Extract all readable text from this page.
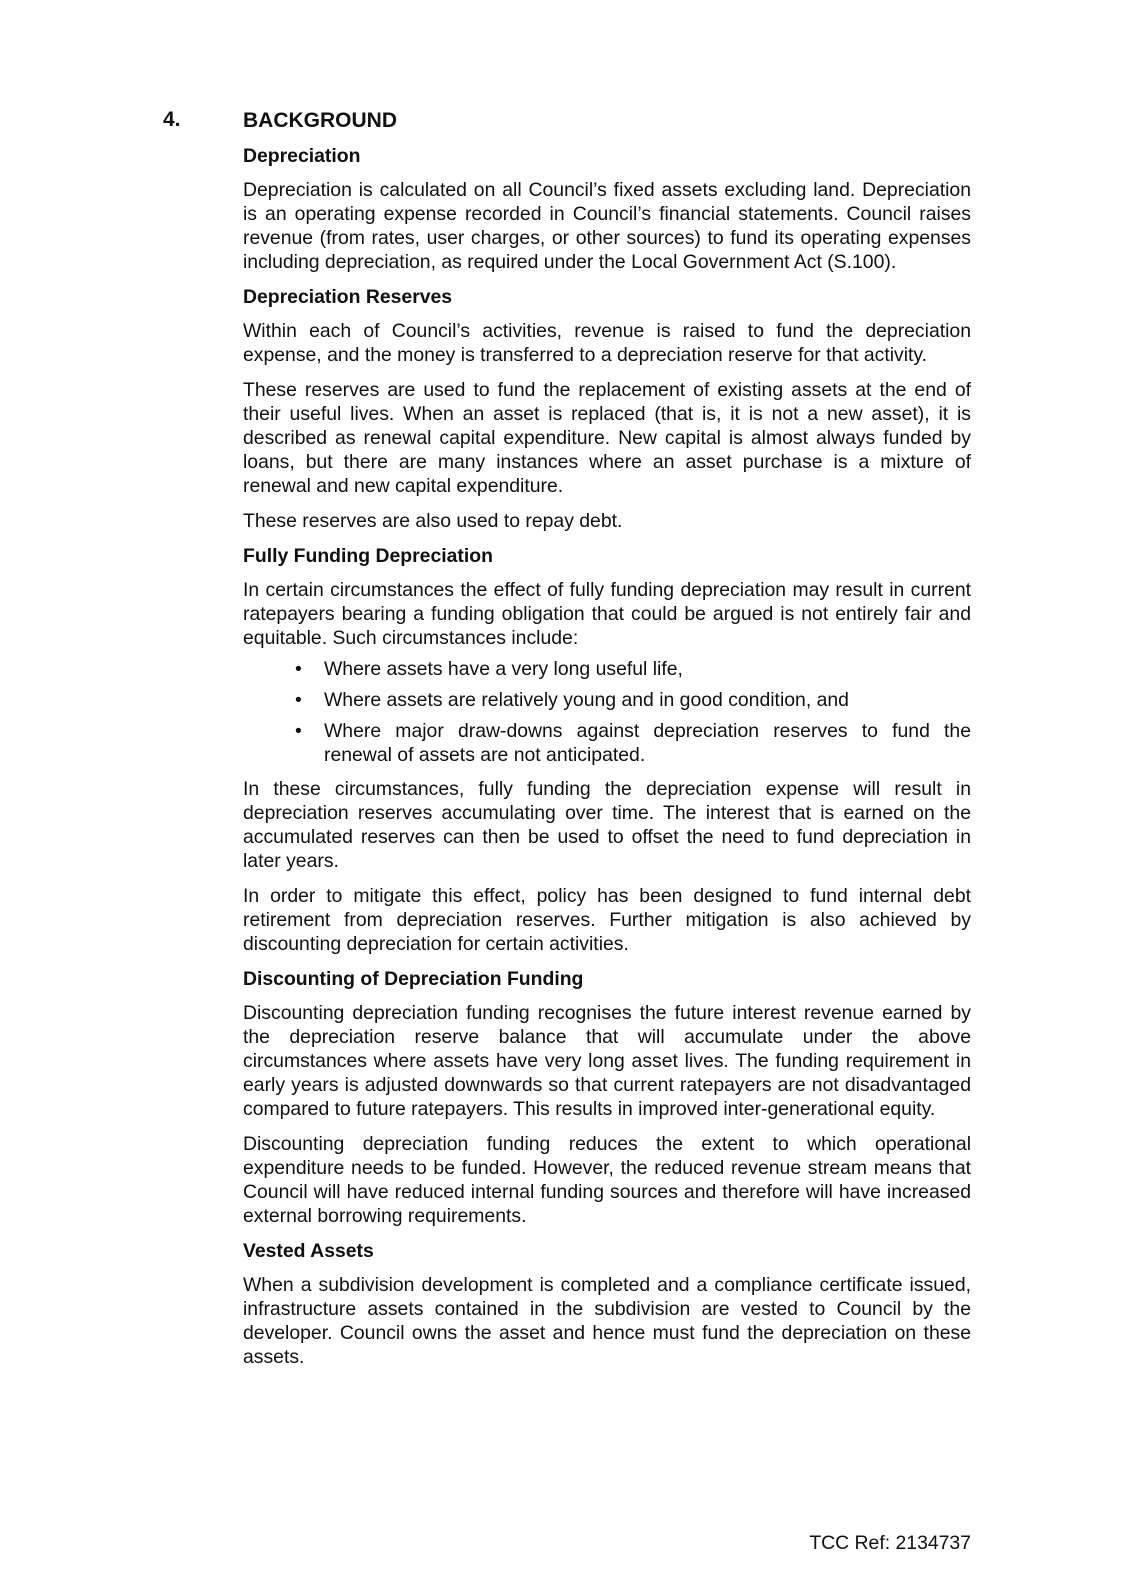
4.	BACKGROUND
Depreciation

Depreciation is calculated on all Council’s fixed assets excluding land. Depreciation is an operating expense recorded in Council’s financial statements. Council raises revenue (from rates, user charges, or other sources) to fund its operating expenses including depreciation, as required under the Local Government Act (S.100).

Depreciation Reserves

Within each of Council’s activities, revenue is raised to fund the depreciation expense, and the money is transferred to a depreciation reserve for that activity.

These reserves are used to fund the replacement of existing assets at the end of their useful lives. When an asset is replaced (that is, it is not a new asset), it is described as renewal capital expenditure. New capital is almost always funded by loans, but there are many instances where an asset purchase is a mixture of renewal and new capital expenditure.

These reserves are also used to repay debt.

Fully Funding Depreciation

In certain circumstances the effect of fully funding depreciation may result in current ratepayers bearing a funding obligation that could be argued is not entirely fair and equitable. Such circumstances include:

• Where assets have a very long useful life,
• Where assets are relatively young and in good condition, and
• Where major draw-downs against depreciation reserves to fund the renewal of assets are not anticipated.

In these circumstances, fully funding the depreciation expense will result in depreciation reserves accumulating over time. The interest that is earned on the accumulated reserves can then be used to offset the need to fund depreciation in later years.

In order to mitigate this effect, policy has been designed to fund internal debt retirement from depreciation reserves. Further mitigation is also achieved by discounting depreciation for certain activities.

Discounting of Depreciation Funding

Discounting depreciation funding recognises the future interest revenue earned by the depreciation reserve balance that will accumulate under the above circumstances where assets have very long asset lives. The funding requirement in early years is adjusted downwards so that current ratepayers are not disadvantaged compared to future ratepayers. This results in improved inter-generational equity.

Discounting depreciation funding reduces the extent to which operational expenditure needs to be funded. However, the reduced revenue stream means that Council will have reduced internal funding sources and therefore will have increased external borrowing requirements.

Vested Assets

When a subdivision development is completed and a compliance certificate issued, infrastructure assets contained in the subdivision are vested to Council by the developer. Council owns the asset and hence must fund the depreciation on these assets.

TCC Ref: 2134737
